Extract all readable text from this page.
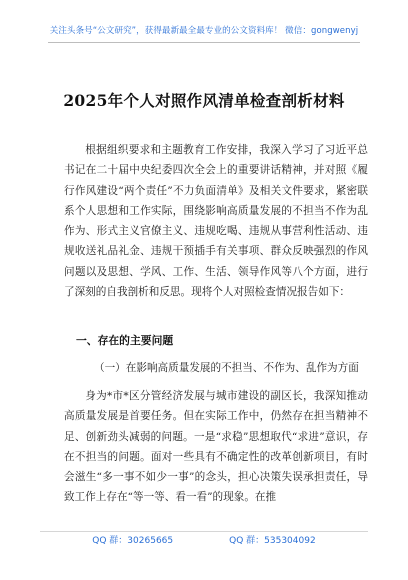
关注头条号“公文研究”，获得最新最全最专业的公文资料库！ 微信：gongwenyj
2025年个人对照作风清单检查剖析材料
根据组织要求和主题教育工作安排，我深入学习了习近平总书记在二十届中央纪委四次全会上的重要讲话精神，并对照《履行作风建设“两个责任”不力负面清单》及相关文件要求，紧密联系个人思想和工作实际，围绕影响高质量发展的不担当不作为乱作为、形式主义官僚主义、违规吃喝、违规从事营利性活动、违规收送礼品礼金、违规干预插手有关事项、群众反映强烈的作风问题以及思想、学风、工作、生活、领导作风等八个方面，进行了深刻的自我剖析和反思。现将个人对照检查情况报告如下：
一、存在的主要问题
（一）在影响高质量发展的不担当、不作为、乱作为方面
身为*市*区分管经济发展与城市建设的副区长，我深知推动高质量发展是首要任务。但在实际工作中，仍然存在担当精神不足、创新劲头减弱的问题。一是“求稳”思想取代“求进”意识，存在不担当的问题。面对一些具有不确定性的改革创新项目，有时会滋生“多一事不如少一事”的念头，担心决策失误承担责任，导致工作上存在“等一等、看一看”的现象。在推
QQ 群：30265665	QQ 群：535304092
